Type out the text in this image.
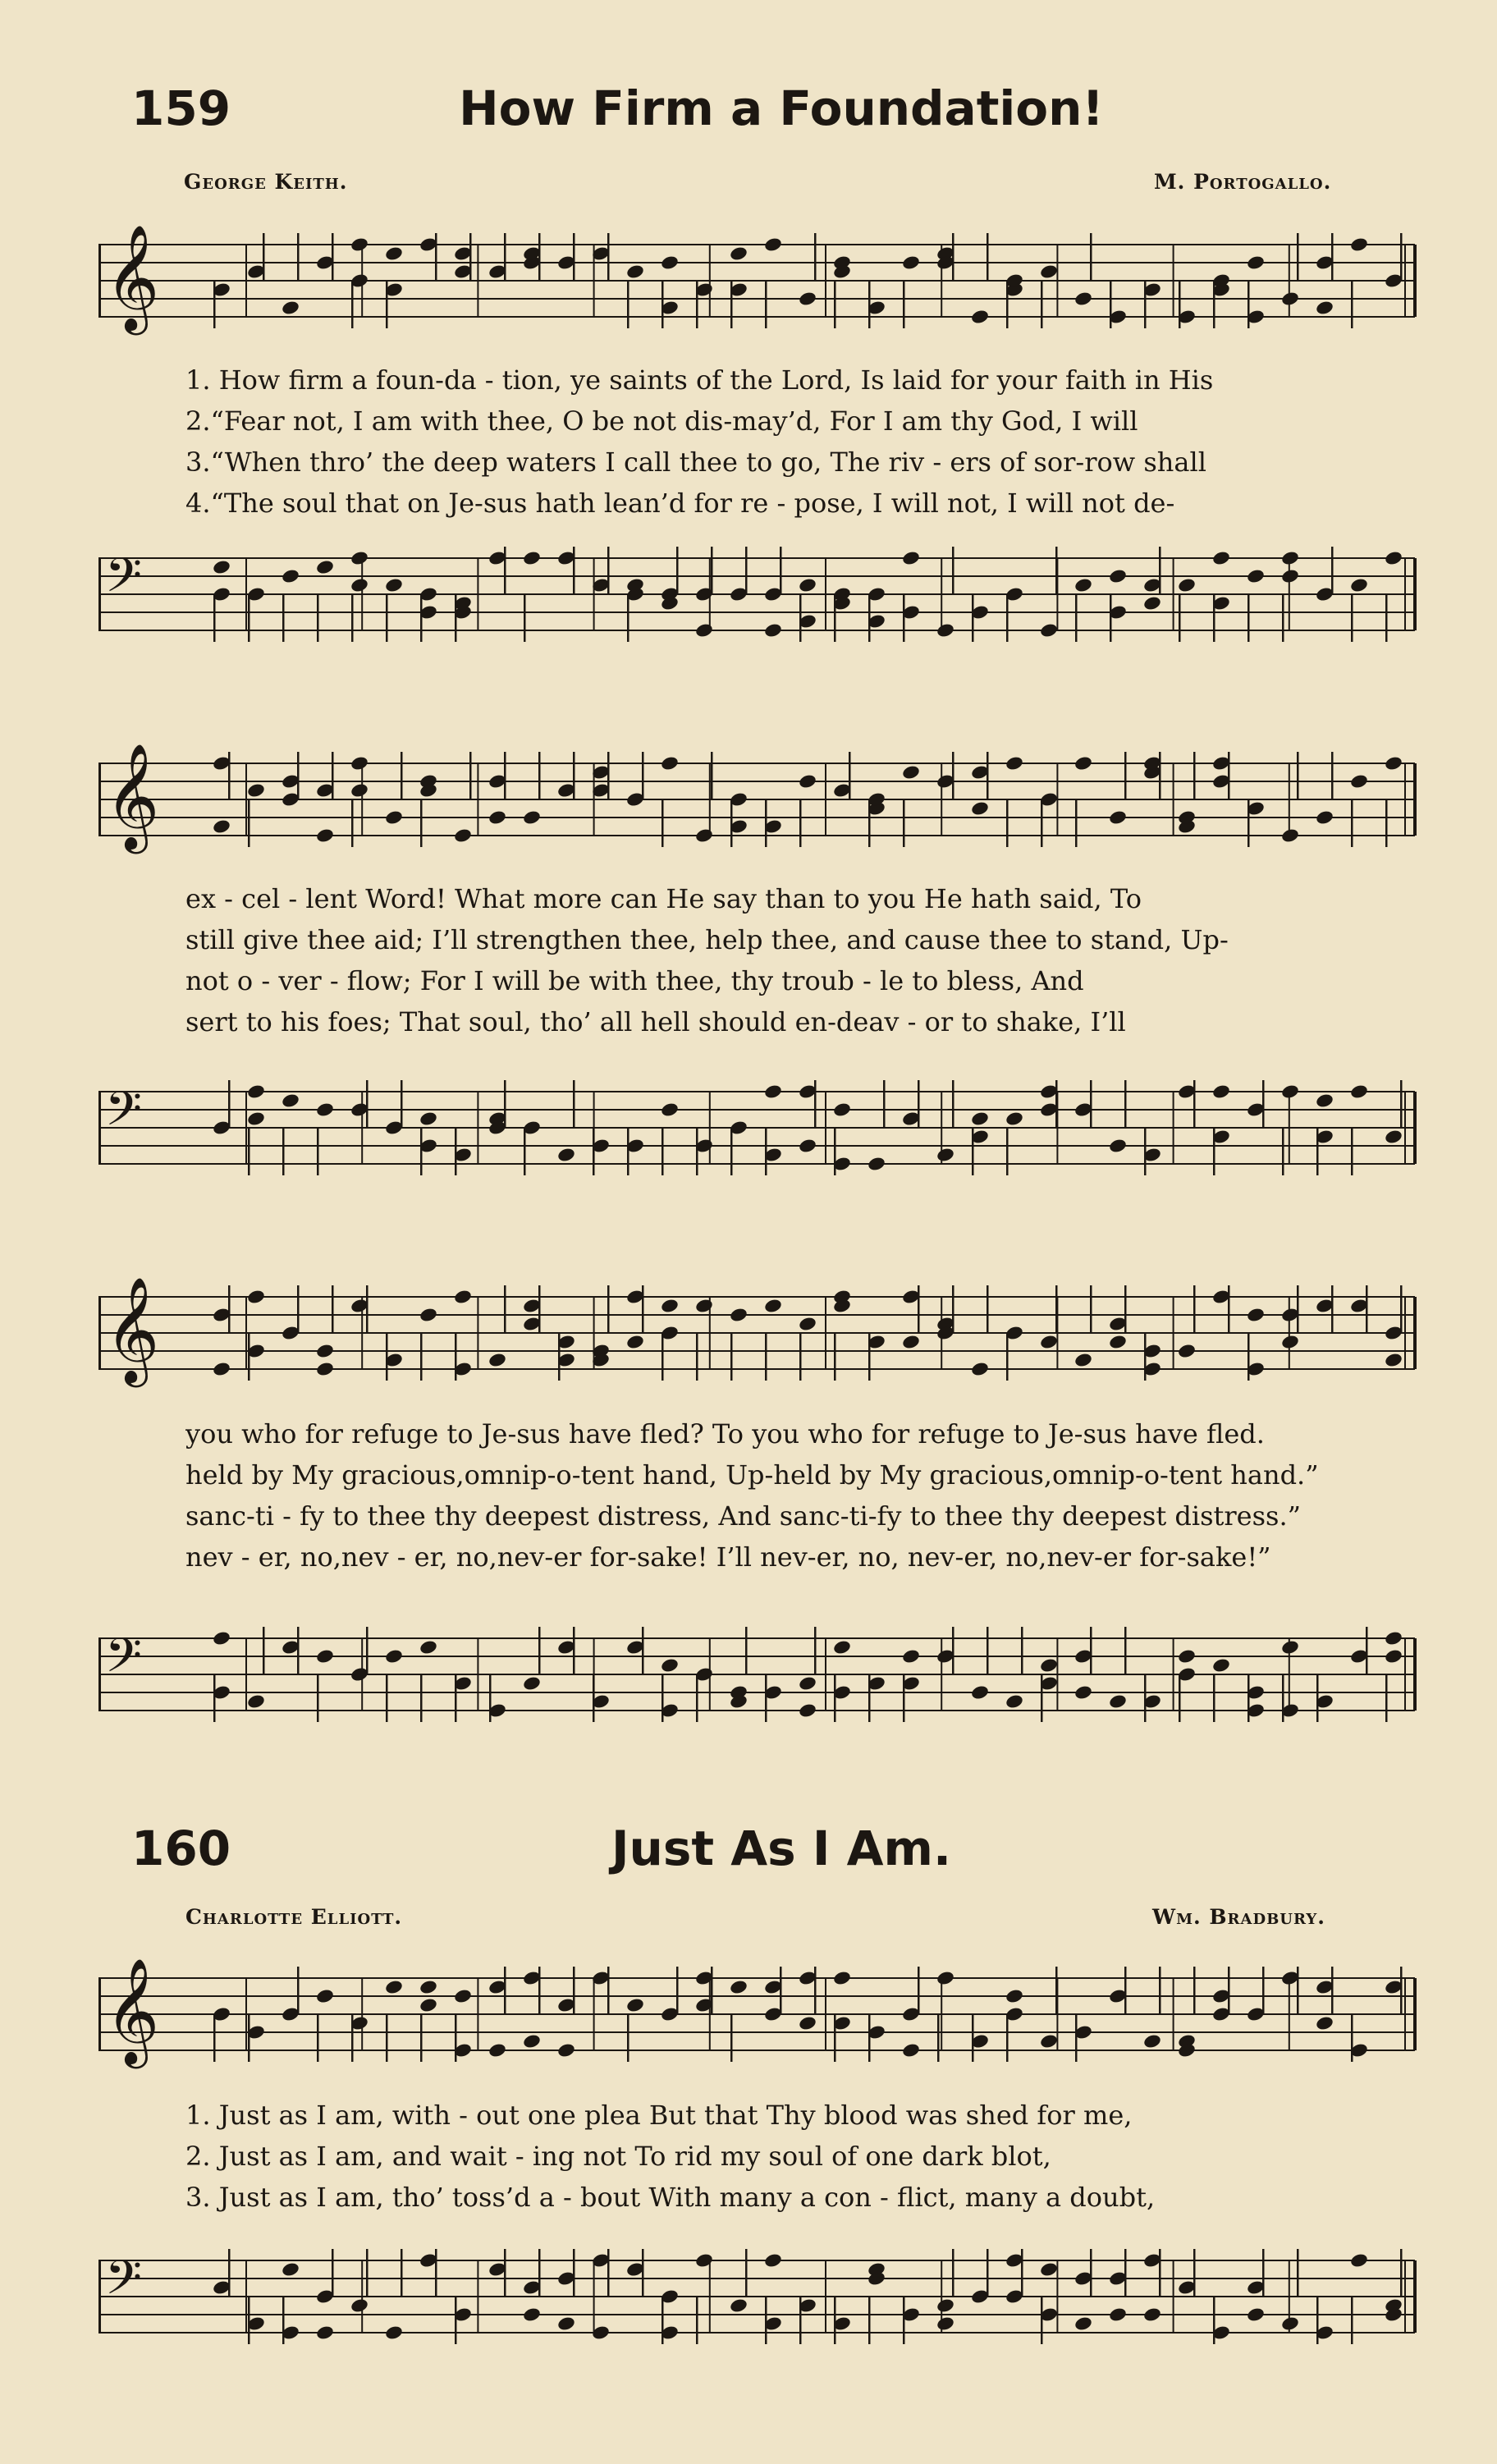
159	How Firm a Foundation!
George Keith.	M. Portogallo.
𝄞
1. How firm a foun-da - tion, ye saints of the Lord, Is laid for your faith in His
2.“Fear not, I am with thee, O be not dis-may’d, For I am thy God, I will
3.“When thro’ the deep waters I call thee to go, The riv - ers of sor-row shall
4.“The soul that on Je-sus hath lean’d for re - pose, I will not, I will not de-
𝄢
𝄞
ex - cel - lent Word! What more can He say than to you He hath said, To
still give thee aid; I’ll strengthen thee, help thee, and cause thee to stand, Up-
not o - ver - flow; For I will be with thee, thy troub - le to bless, And
sert to his foes; That soul, tho’ all hell should en-deav - or to shake, I’ll
𝄢
𝄞
you who for refuge to Je-sus have fled? To you who for refuge to Je-sus have fled.
held by My gracious,omnip-o-tent hand, Up-held by My gracious,omnip-o-tent hand.”
sanc-ti - fy to thee thy deepest distress, And sanc-ti-fy to thee thy deepest distress.”
nev - er, no,nev - er, no,nev-er for-sake! I’ll nev-er, no, nev-er, no,nev-er for-sake!”
𝄢
160	Just As I Am.
Charlotte Elliott.	Wm. Bradbury.
𝄞
1. Just as I am, with - out one plea But that Thy blood was shed for me,
2. Just as I am, and wait - ing not To rid my soul of one dark blot,
3. Just as I am, tho’ toss’d a - bout With many a con - flict, many a doubt,
𝄢
